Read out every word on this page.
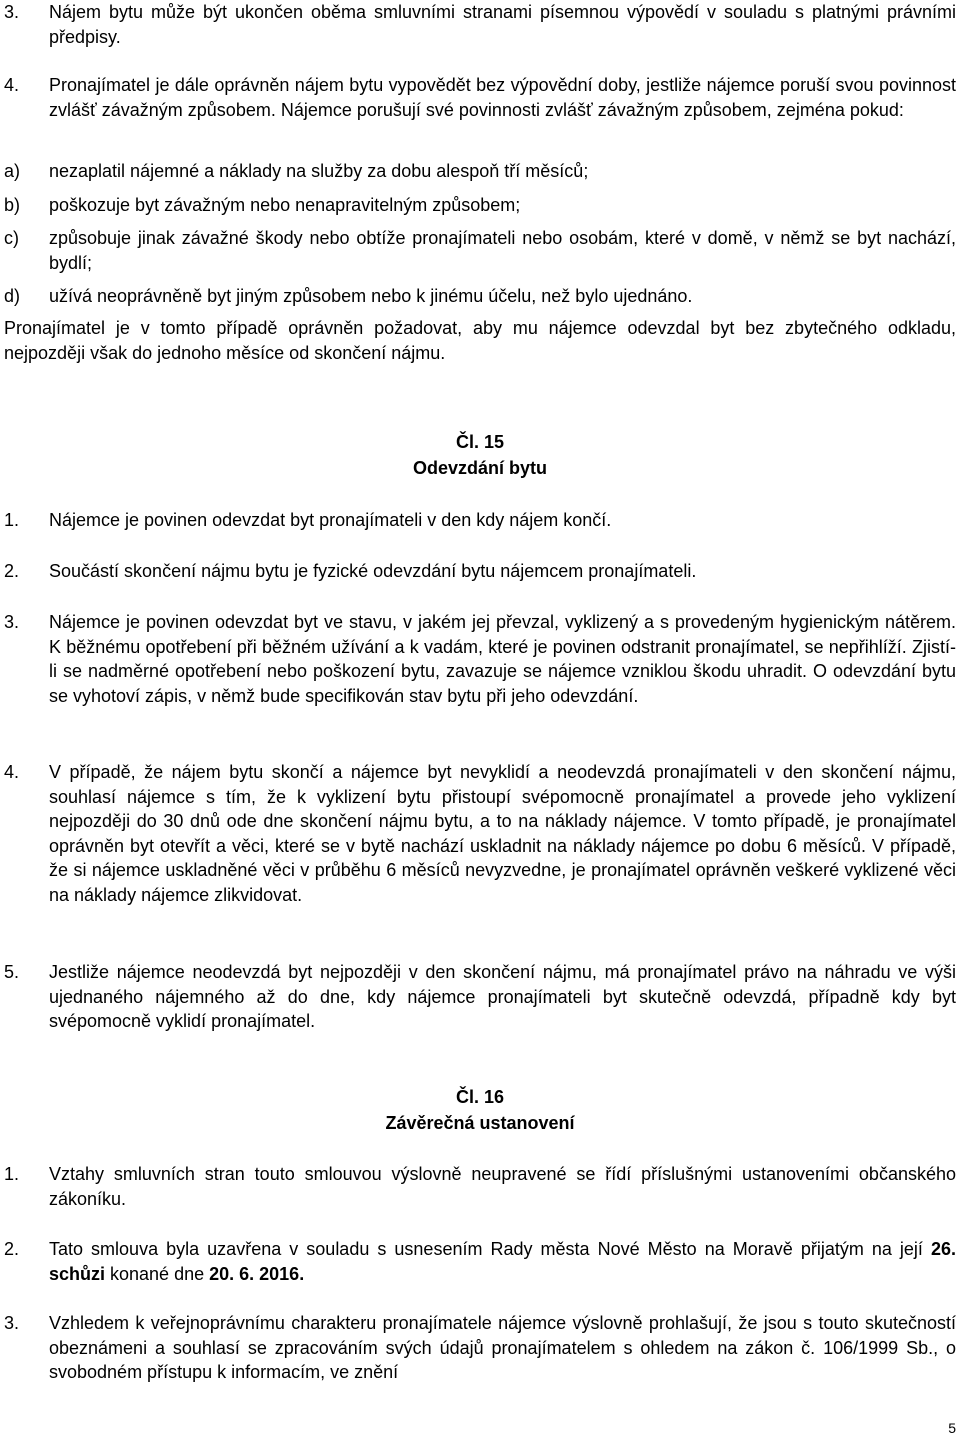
3.	Nájem bytu může být ukončen oběma smluvními stranami písemnou výpovědí v souladu s platnými právními předpisy.

4.	Pronajímatel je dále oprávněn nájem bytu vypovědět bez výpovědní doby, jestliže nájemce poruší svou povinnost zvlášť závažným způsobem. Nájemce porušují své povinnosti zvlášť závažným způsobem, zejména pokud:

a)	nezaplatil nájemné a náklady na služby za dobu alespoň tří měsíců;
b)	poškozuje byt závažným nebo nenapravitelným způsobem;
c)	způsobuje jinak závažné škody nebo obtíže pronajímateli nebo osobám, které v domě, v němž se byt nachází, bydlí;
d)	užívá neoprávněně byt jiným způsobem nebo k jinému účelu, než bylo ujednáno.

Pronajímatel je v tomto případě oprávněn požadovat, aby mu nájemce odevzdal byt bez zbytečného odkladu, nejpozději však do jednoho měsíce od skončení nájmu.

Čl. 15
Odevzdání bytu
1.	Nájemce je povinen odevzdat byt pronajímateli v den kdy nájem končí.

2.	Součástí skončení nájmu bytu je fyzické odevzdání bytu nájemcem pronajímateli.

3.	Nájemce je povinen odevzdat byt ve stavu, v jakém jej převzal, vyklizený a s provedeným hygienickým nátěrem. K běžnému opotřebení při běžném užívání a k vadám, které je povinen odstranit pronajímatel, se nepřihlíží. Zjistí-li se nadměrné opotřebení nebo poškození bytu, zavazuje se nájemce vzniklou škodu uhradit. O odevzdání bytu se vyhotoví zápis, v němž bude specifikován stav bytu při jeho odevzdání.

4.	V případě, že nájem bytu skončí a nájemce byt nevyklidí a neodevzdá pronajímateli v den skončení nájmu, souhlasí nájemce s tím, že k vyklizení bytu přistoupí svépomocně pronajímatel a provede jeho vyklizení nejpozději do 30 dnů ode dne skončení nájmu bytu, a to na náklady nájemce. V tomto případě, je pronajímatel oprávněn byt otevřít a věci, které se v bytě nachází uskladnit na náklady nájemce po dobu 6 měsíců. V případě, že si nájemce uskladněné věci v průběhu 6 měsíců nevyzvedne, je pronajímatel oprávněn veškeré vyklizené věci na náklady nájemce zlikvidovat.

5.	Jestliže nájemce neodevzdá byt nejpozději v den skončení nájmu, má pronajímatel právo na náhradu ve výši ujednaného nájemného až do dne, kdy nájemce pronajímateli byt skutečně odevzdá, případně kdy byt svépomocně vyklidí pronajímatel.

Čl. 16
Závěrečná ustanovení
1.	Vztahy smluvních stran touto smlouvou výslovně neupravené se řídí příslušnými ustanoveními občanského zákoníku.

2.	Tato smlouva byla uzavřena v souladu s usnesením Rady města Nové Město na Moravě přijatým na její 26. schůzi konané dne 20. 6. 2016.

3.	Vzhledem k veřejnoprávnímu charakteru pronajímatele nájemce výslovně prohlašují, že jsou s touto skutečností obeznámeni a souhlasí se zpracováním svých údajů pronajímatelem s ohledem na zákon č. 106/1999 Sb., o svobodném přístupu k informacím, ve znění

5
